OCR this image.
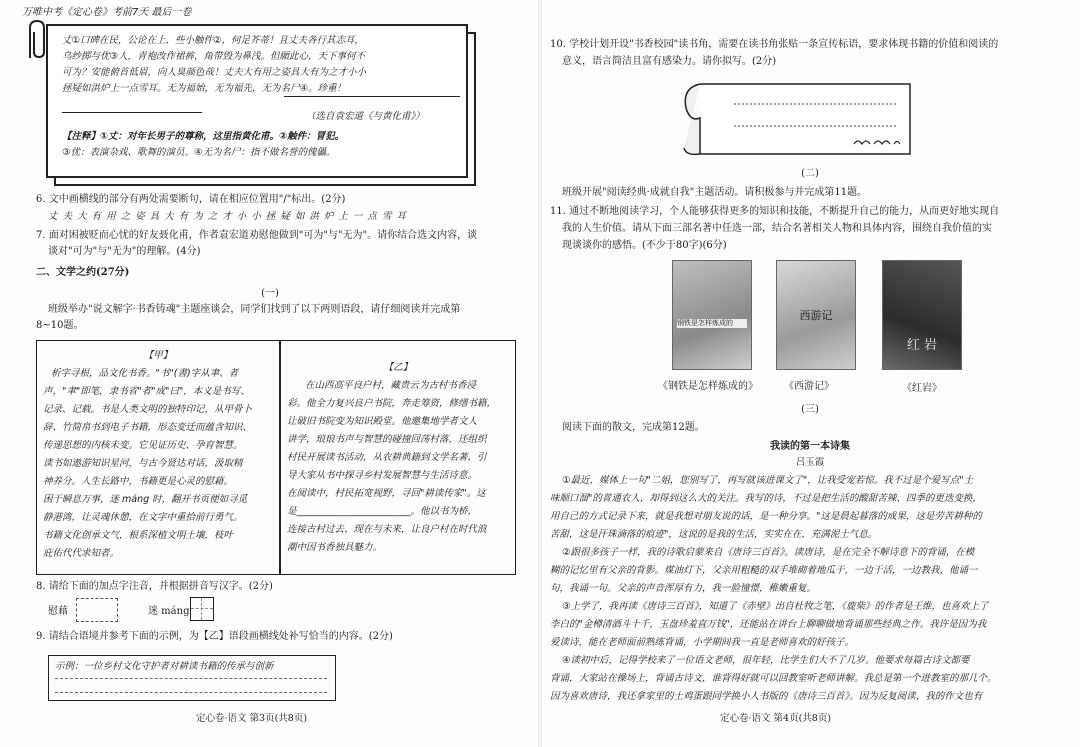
万唯中考《定心卷》考前7天 最后一卷
丈①口碑在民，公论在上，些小触件②，何足芥蒂！且丈夫各行其志耳，
乌纱掷与优③人，青袍改作裙裤，角带毁为鼻浅。但願此心，天下事何不
可为？安能俯首低眉，向人臭颜色哉！丈夫大有用之姿具大有为之才小小
拯疑如洪炉上一点雪耳。无为福始，无为福先，无为名尸④。珍重！
（选自袁宏道《与黄化甫》）
【注释】①丈：对年长男子的尊称，这里指黄化甫。②触件：冒犯。
③优：表演杂戏、歌舞的演员。④无为名尸：指不做名誉的傀儡。
6. 文中画横线的部分有两处需要断句，请在相应位置用"/"标出。(2分)
丈 夫 大 有 用 之 姿 具 大 有 为 之 才 小 小 拯 疑 如 洪 炉 上 一 点 雪 耳
7. 面对困被贬而心忧的好友聂化甫，作者袁宏道劝慰他做到"可为"与"无为"。请你结合选文内容，谈
谈对"可为"与"无为"的理解。(4分)
二、文学之约(27分)
(一)
班级举办"说文解字·书香铸魂"主题座谈会，同学们找到了以下两则语段，请仔细阅读并完成第
8~10题。
【甲】
析字寻根，品文化书香。"书"(書)字从聿、者
声，"聿"即笔，隶书省"者"成"曰"，本义是书写、
记录、记载。书是人类文明的独特印记，从甲骨卜
辞、竹简帛书到电子书籍，形态变迁而蕴含知识、
传递思想的内核未变。它见证历史、孕育智慧。
读书如遨游知识星河，与古今贤达对话，汲取精
神养分。人生长路中，书籍更是心灵的慰藉。
困于瞬息万事，迷 máng 时，翻开书页便如寻觅
静港湾，让灵魂休憩，在文字中重拾前行勇气。
书籍文化创承文气，根系深植文明土壤，枝叶
庇佑代代求知者。
【乙】
在山西高平良户村，藏贵云为古村书香浸
彩。他全力复兴良户书院，奔走筹资，修缮书籍，
让破旧书院变为知识殿堂。他邀集地学者文人
讲学，琅琅书声与智慧的碰撞回荡村落，还组织
村民开展读书活动，从农耕典籍到文学名著，引
导大家从书中探寻乡村发展智慧与生活诗意。
在阅读中，村民拓宽视野，寻回"耕读传家"。这
是________________________。他以书为桥，
连接古村过去、现在与未来，让良户村在时代浪
潮中因书香独具魅力。
8. 请给下面的加点字注音，并根据拼音写汉字。(2分)
慰藉	迷 máng
9. 请结合语境并参考下面的示例，为【乙】语段画横线处补写恰当的内容。(2分)
示例：一位乡村文化守护者对耕读书籍的传承与创新
定心卷·语文 第3页(共8页)
10. 学校计划开设"书香校园"读书角，需要在读书角张贴一条宣传标语，要求体现书籍的价值和阅读的
意义，语言简洁且富有感染力。请你拟写。(2分)
(二)
班级开展"阅读经典·成就自我"主题活动。请积极参与并完成第11题。
11. 通过不断地阅读学习，个人能够获得更多的知识和技能，不断提升自己的能力，从而更好地实现自
我的人生价值。请从下面三部名著中任选一部，结合名著相关人物和具体内容，围绕自我价值的实
现谈谈你的感悟。(不少于80字)(6分)
钢铁是怎样炼成的
西游记
红 岩
《钢铁是怎样炼成的》	《西游记》	《红岩》
(三)
阅读下面的散文，完成第12题。
我读的第一本诗集
吕玉霞
①最近，媒体上一句"二姐，您别写了，再写就该进课文了"，让我受宠若惊。我不过是个爱写点"土
味顺口溜"的普通农人，却得到这么大的关注。我写的诗，不过是把生活的酸甜苦辣、四季的更迭变换，
用自己的方式记录下来，就是我想对朋友说的话，是一种分享。"这是晨起暮落的成果，这是劳苦耕种的
苦甜，这是汗珠滴落的痕迹"，这说的是我的生活，实实在在，充满泥土气息。
②跟很多孩子一样，我的诗歌启蒙来自《唐诗三百首》。读唐诗，是在完全不解诗意下的背诵，在模
糊的记忆里有父亲的背影。煤油灯下，父亲用粗糙的双手堆砌着地瓜干，一边干活，一边教我，他诵一
句，我诵一句。父亲的声音浑厚有力，我一脸憧憬，稚嫩重复。
③上学了，我再读《唐诗三百首》，知道了《赤壁》出自杜牧之笔，《鹿柴》的作者是王维，也喜欢上了
李白的"金樽清酒斗十千，玉盘珍羞直万钱"，还能站在讲台上聊聊做地背诵那些经典之作。我许是因为我
爱读诗，能在老师面前熟练背诵，小学期间我一直是老师喜欢的好孩子。
④读初中后，记得学校来了一位语文老师，很年轻，比学生们大不了几岁。他要求每篇古诗文都要
背诵，大家站在操场上，背诵古诗文，谁背得好就可以回教室听老师讲解。我总是第一个进教室的那几个。
因为喜欢唐诗，我还拿家里的土鸡蛋跟同学换小人书版的《唐诗三百首》。因为反复阅读，我的作文也有
定心卷·语文 第4页(共8页)
